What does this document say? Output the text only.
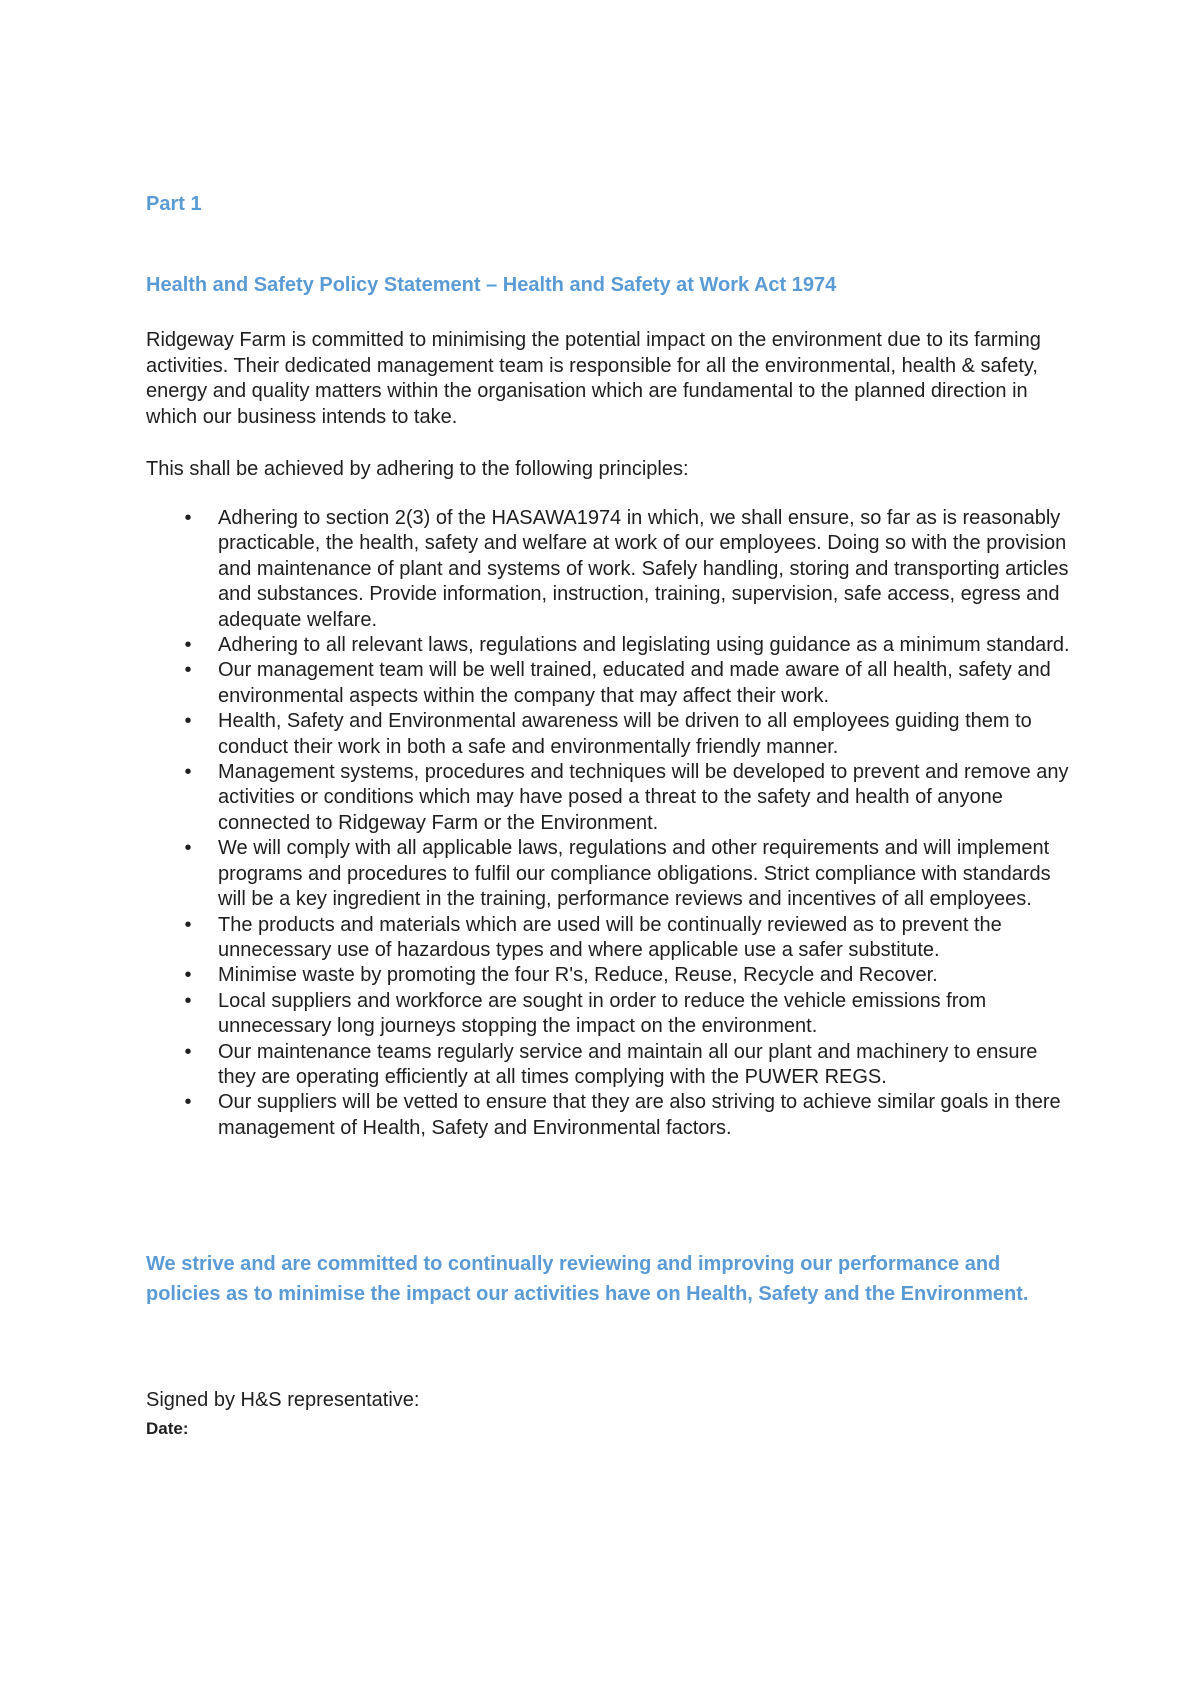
Part 1
Health and Safety Policy Statement – Health and Safety at Work Act 1974

Ridgeway Farm is committed to minimising the potential impact on the environment due to its farming activities. Their dedicated management team is responsible for all the environmental, health & safety, energy and quality matters within the organisation which are fundamental to the planned direction in which our business intends to take.

This shall be achieved by adhering to the following principles:

• Adhering to section 2(3) of the HASAWA1974 in which, we shall ensure, so far as is reasonably practicable, the health, safety and welfare at work of our employees. Doing so with the provision and maintenance of plant and systems of work. Safely handling, storing and transporting articles and substances. Provide information, instruction, training, supervision, safe access, egress and adequate welfare.
• Adhering to all relevant laws, regulations and legislating using guidance as a minimum standard.
• Our management team will be well trained, educated and made aware of all health, safety and environmental aspects within the company that may affect their work.
• Health, Safety and Environmental awareness will be driven to all employees guiding them to conduct their work in both a safe and environmentally friendly manner.
• Management systems, procedures and techniques will be developed to prevent and remove any activities or conditions which may have posed a threat to the safety and health of anyone connected to Ridgeway Farm or the Environment.
• We will comply with all applicable laws, regulations and other requirements and will implement programs and procedures to fulfil our compliance obligations. Strict compliance with standards will be a key ingredient in the training, performance reviews and incentives of all employees.
• The products and materials which are used will be continually reviewed as to prevent the unnecessary use of hazardous types and where applicable use a safer substitute.
• Minimise waste by promoting the four R's, Reduce, Reuse, Recycle and Recover.
• Local suppliers and workforce are sought in order to reduce the vehicle emissions from unnecessary long journeys stopping the impact on the environment.
• Our maintenance teams regularly service and maintain all our plant and machinery to ensure they are operating efficiently at all times complying with the PUWER REGS.
• Our suppliers will be vetted to ensure that they are also striving to achieve similar goals in there management of Health, Safety and Environmental factors.

We strive and are committed to continually reviewing and improving our performance and policies as to minimise the impact our activities have on Health, Safety and the Environment.

Signed by H&S representative:

Date:
